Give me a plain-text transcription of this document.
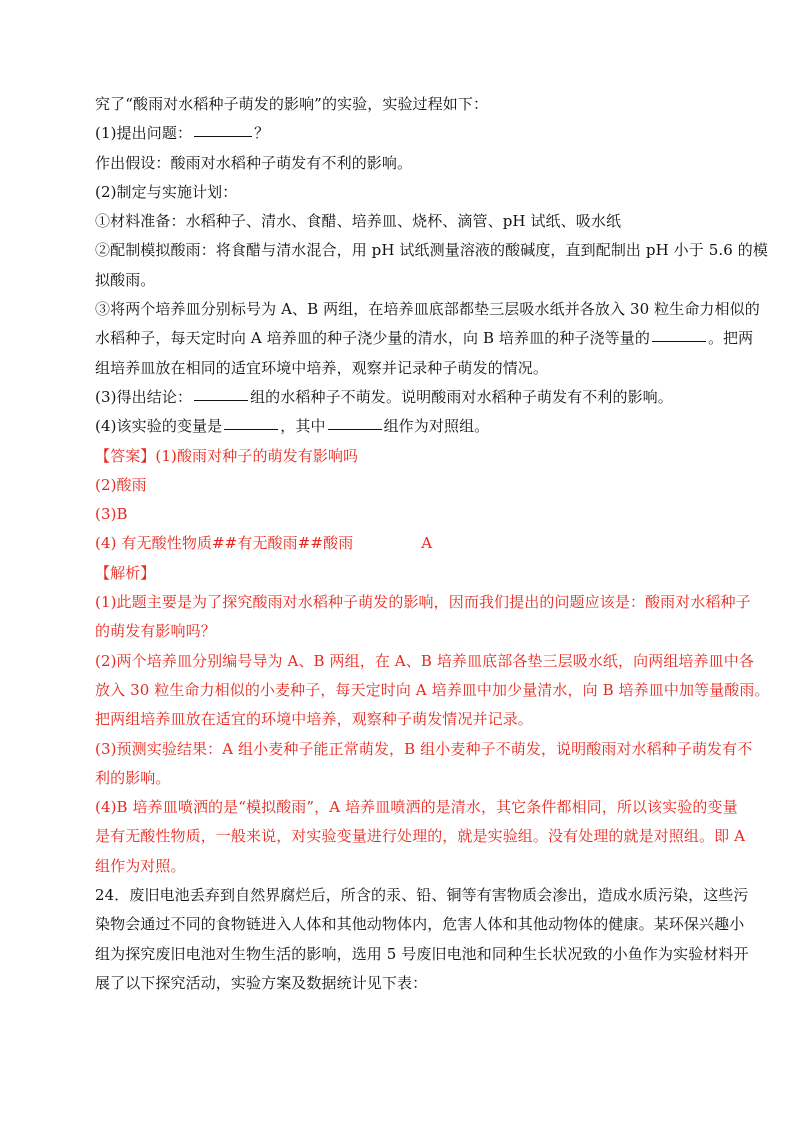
究了“酸雨对水稻种子萌发的影响”的实验，实验过程如下：
(1)提出问题：	？
作出假设：酸雨对水稻种子萌发有不利的影响。
(2)制定与实施计划：
①材料准备：水稻种子、清水、食醋、培养皿、烧杯、滴管、pH 试纸、吸水纸
②配制模拟酸雨：将食醋与清水混合，用 pH 试纸测量溶液的酸碱度，直到配制出 pH 小于 5.6 的模
拟酸雨。
③将两个培养皿分别标号为 A、B 两组，在培养皿底部都垫三层吸水纸并各放入 30 粒生命力相似的
水稻种子，每天定时向 A 培养皿的种子浇少量的清水，向 B 培养皿的种子浇等量的	。把两
组培养皿放在相同的适宜环境中培养，观察并记录种子萌发的情况。
(3)得出结论：	组的水稻种子不萌发。说明酸雨对水稻种子萌发有不利的影响。
(4)该实验的变量是	，其中	组作为对照组。
【答案】(1)酸雨对种子的萌发有影响吗
(2)酸雨
(3)B
(4) 有无酸性物质##有无酸雨##酸雨	A
【解析】
(1)此题主要是为了探究酸雨对水稻种子萌发的影响，因而我们提出的问题应该是：酸雨对水稻种子
的萌发有影响吗？
(2)两个培养皿分别编号导为 A、B 两组，在 A、B 培养皿底部各垫三层吸水纸，向两组培养皿中各
放入 30 粒生命力相似的小麦种子，每天定时向 A 培养皿中加少量清水，向 B 培养皿中加等量酸雨。
把两组培养皿放在适宜的环境中培养，观察种子萌发情况并记录。
(3)预测实验结果：A 组小麦种子能正常萌发，B 组小麦种子不萌发，说明酸雨对水稻种子萌发有不
利的影响。
(4)B 培养皿喷洒的是“模拟酸雨”，A 培养皿喷洒的是清水，其它条件都相同，所以该实验的变量
是有无酸性物质，一般来说，对实验变量进行处理的，就是实验组。没有处理的就是对照组。即 A
组作为对照。
24．废旧电池丢弃到自然界腐烂后，所含的汞、铅、铜等有害物质会渗出，造成水质污染，这些污
染物会通过不同的食物链进入人体和其他动物体内，危害人体和其他动物体的健康。某环保兴趣小
组为探究废旧电池对生物生活的影响，选用 5 号废旧电池和同种生长状况致的小鱼作为实验材料开
展了以下探究活动，实验方案及数据统计见下表：
